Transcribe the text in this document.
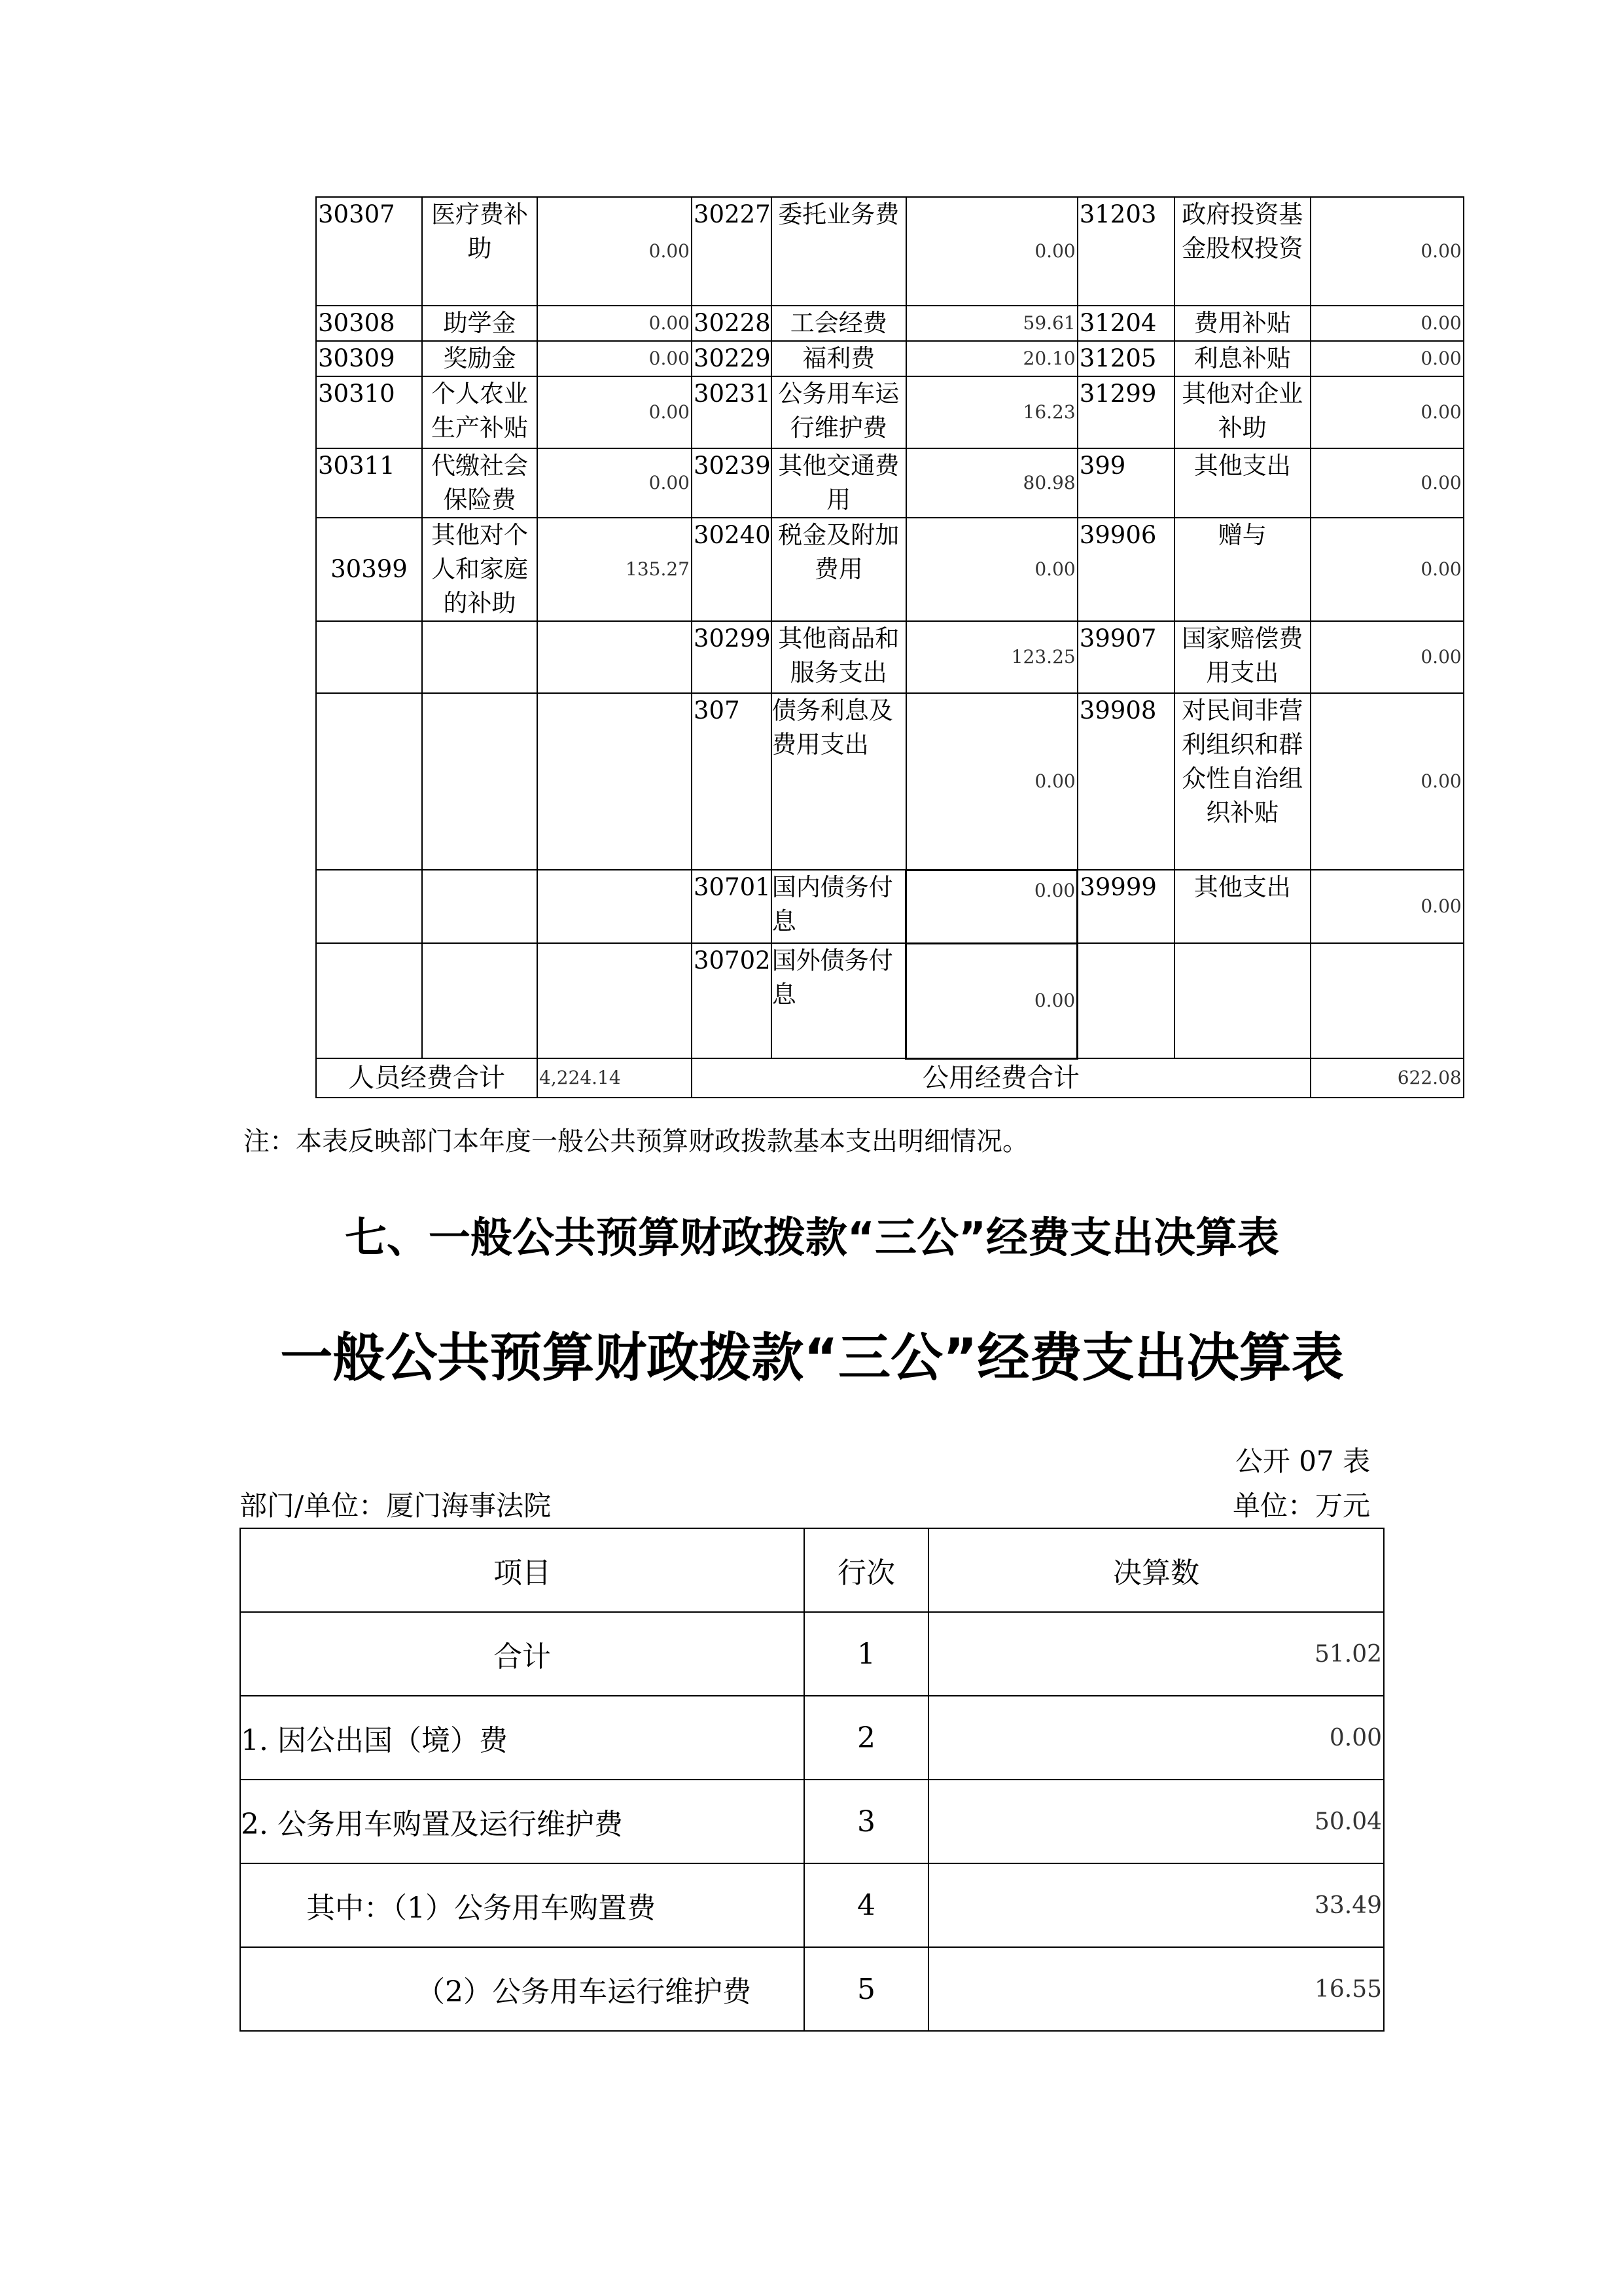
30307	医疗费补助	0.00	30227	委托业务费	0.00	31203	政府投资基金股权投资	0.00
30308	助学金	0.00	30228	工会经费	59.61	31204	费用补贴	0.00
30309	奖励金	0.00	30229	福利费	20.10	31205	利息补贴	0.00
30310	个人农业生产补贴	0.00	30231	公务用车运行维护费	16.23	31299	其他对企业补助	0.00
30311	代缴社会保险费	0.00	30239	其他交通费用	80.98	399	其他支出	0.00
30399	其他对个人和家庭的补助	135.27	30240	税金及附加费用	0.00	39906	赠与	0.00
			30299	其他商品和服务支出	123.25	39907	国家赔偿费用支出	0.00
			307	债务利息及费用支出	0.00	39908	对民间非营利组织和群众性自治组织补贴	0.00
			30701	国内债务付息	0.00	39999	其他支出	0.00
			30702	国外债务付息	0.00			
人员经费合计		4,224.14	公用经费合计					622.08
注：本表反映部门本年度一般公共预算财政拨款基本支出明细情况。
七、一般公共预算财政拨款“三公”经费支出决算表
一般公共预算财政拨款“三公”经费支出决算表
公开 07 表
部门/单位：厦门海事法院	单位：万元
项目	行次	决算数
合计	1	51.02
1. 因公出国（境）费	2	0.00
2. 公务用车购置及运行维护费	3	50.04
其中：（1）公务用车购置费	4	33.49
（2）公务用车运行维护费	5	16.55
